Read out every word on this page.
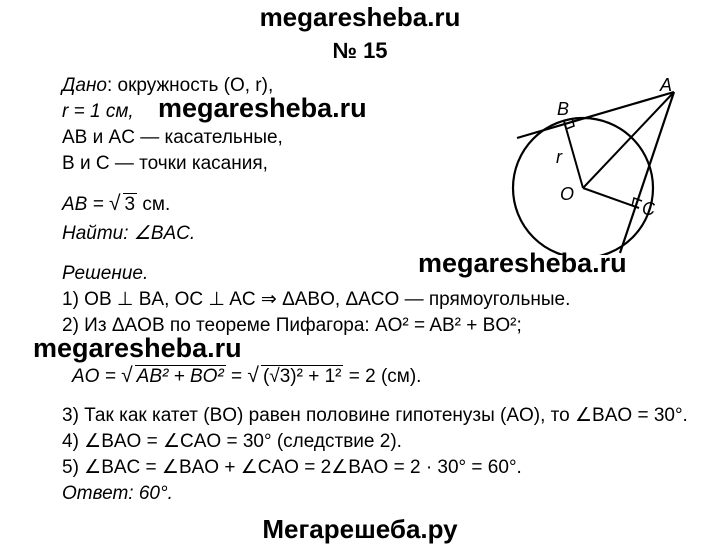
megaresheba.ru
№ 15
Дано: окружность (O, r),
r = 1 см, megaresheba.ru
AB и AC — касательные,
B и C — точки касания,
AB = √ 3 см.
Найти: ∠BAC.
A
B
C
O
r
megaresheba.ru
Решение.
1) OB ⊥ BA, OC ⊥ AC ⇒ ΔABO, ΔACO — прямоугольные.
2) Из ΔAOB по теореме Пифагора: AO² = AB² + BO²;
megaresheba.ru
AO = √ AB² + BO² = √ (√3)² + 1² = 2 (см).
3) Так как катет (BO) равен половине гипотенузы (AO), то ∠BAO = 30°.
4) ∠BAO = ∠CAO = 30° (следствие 2).
5) ∠BAC = ∠BAO + ∠CAO = 2∠BAO = 2 · 30° = 60°.
Ответ: 60°.
Мегарешеба.ру
